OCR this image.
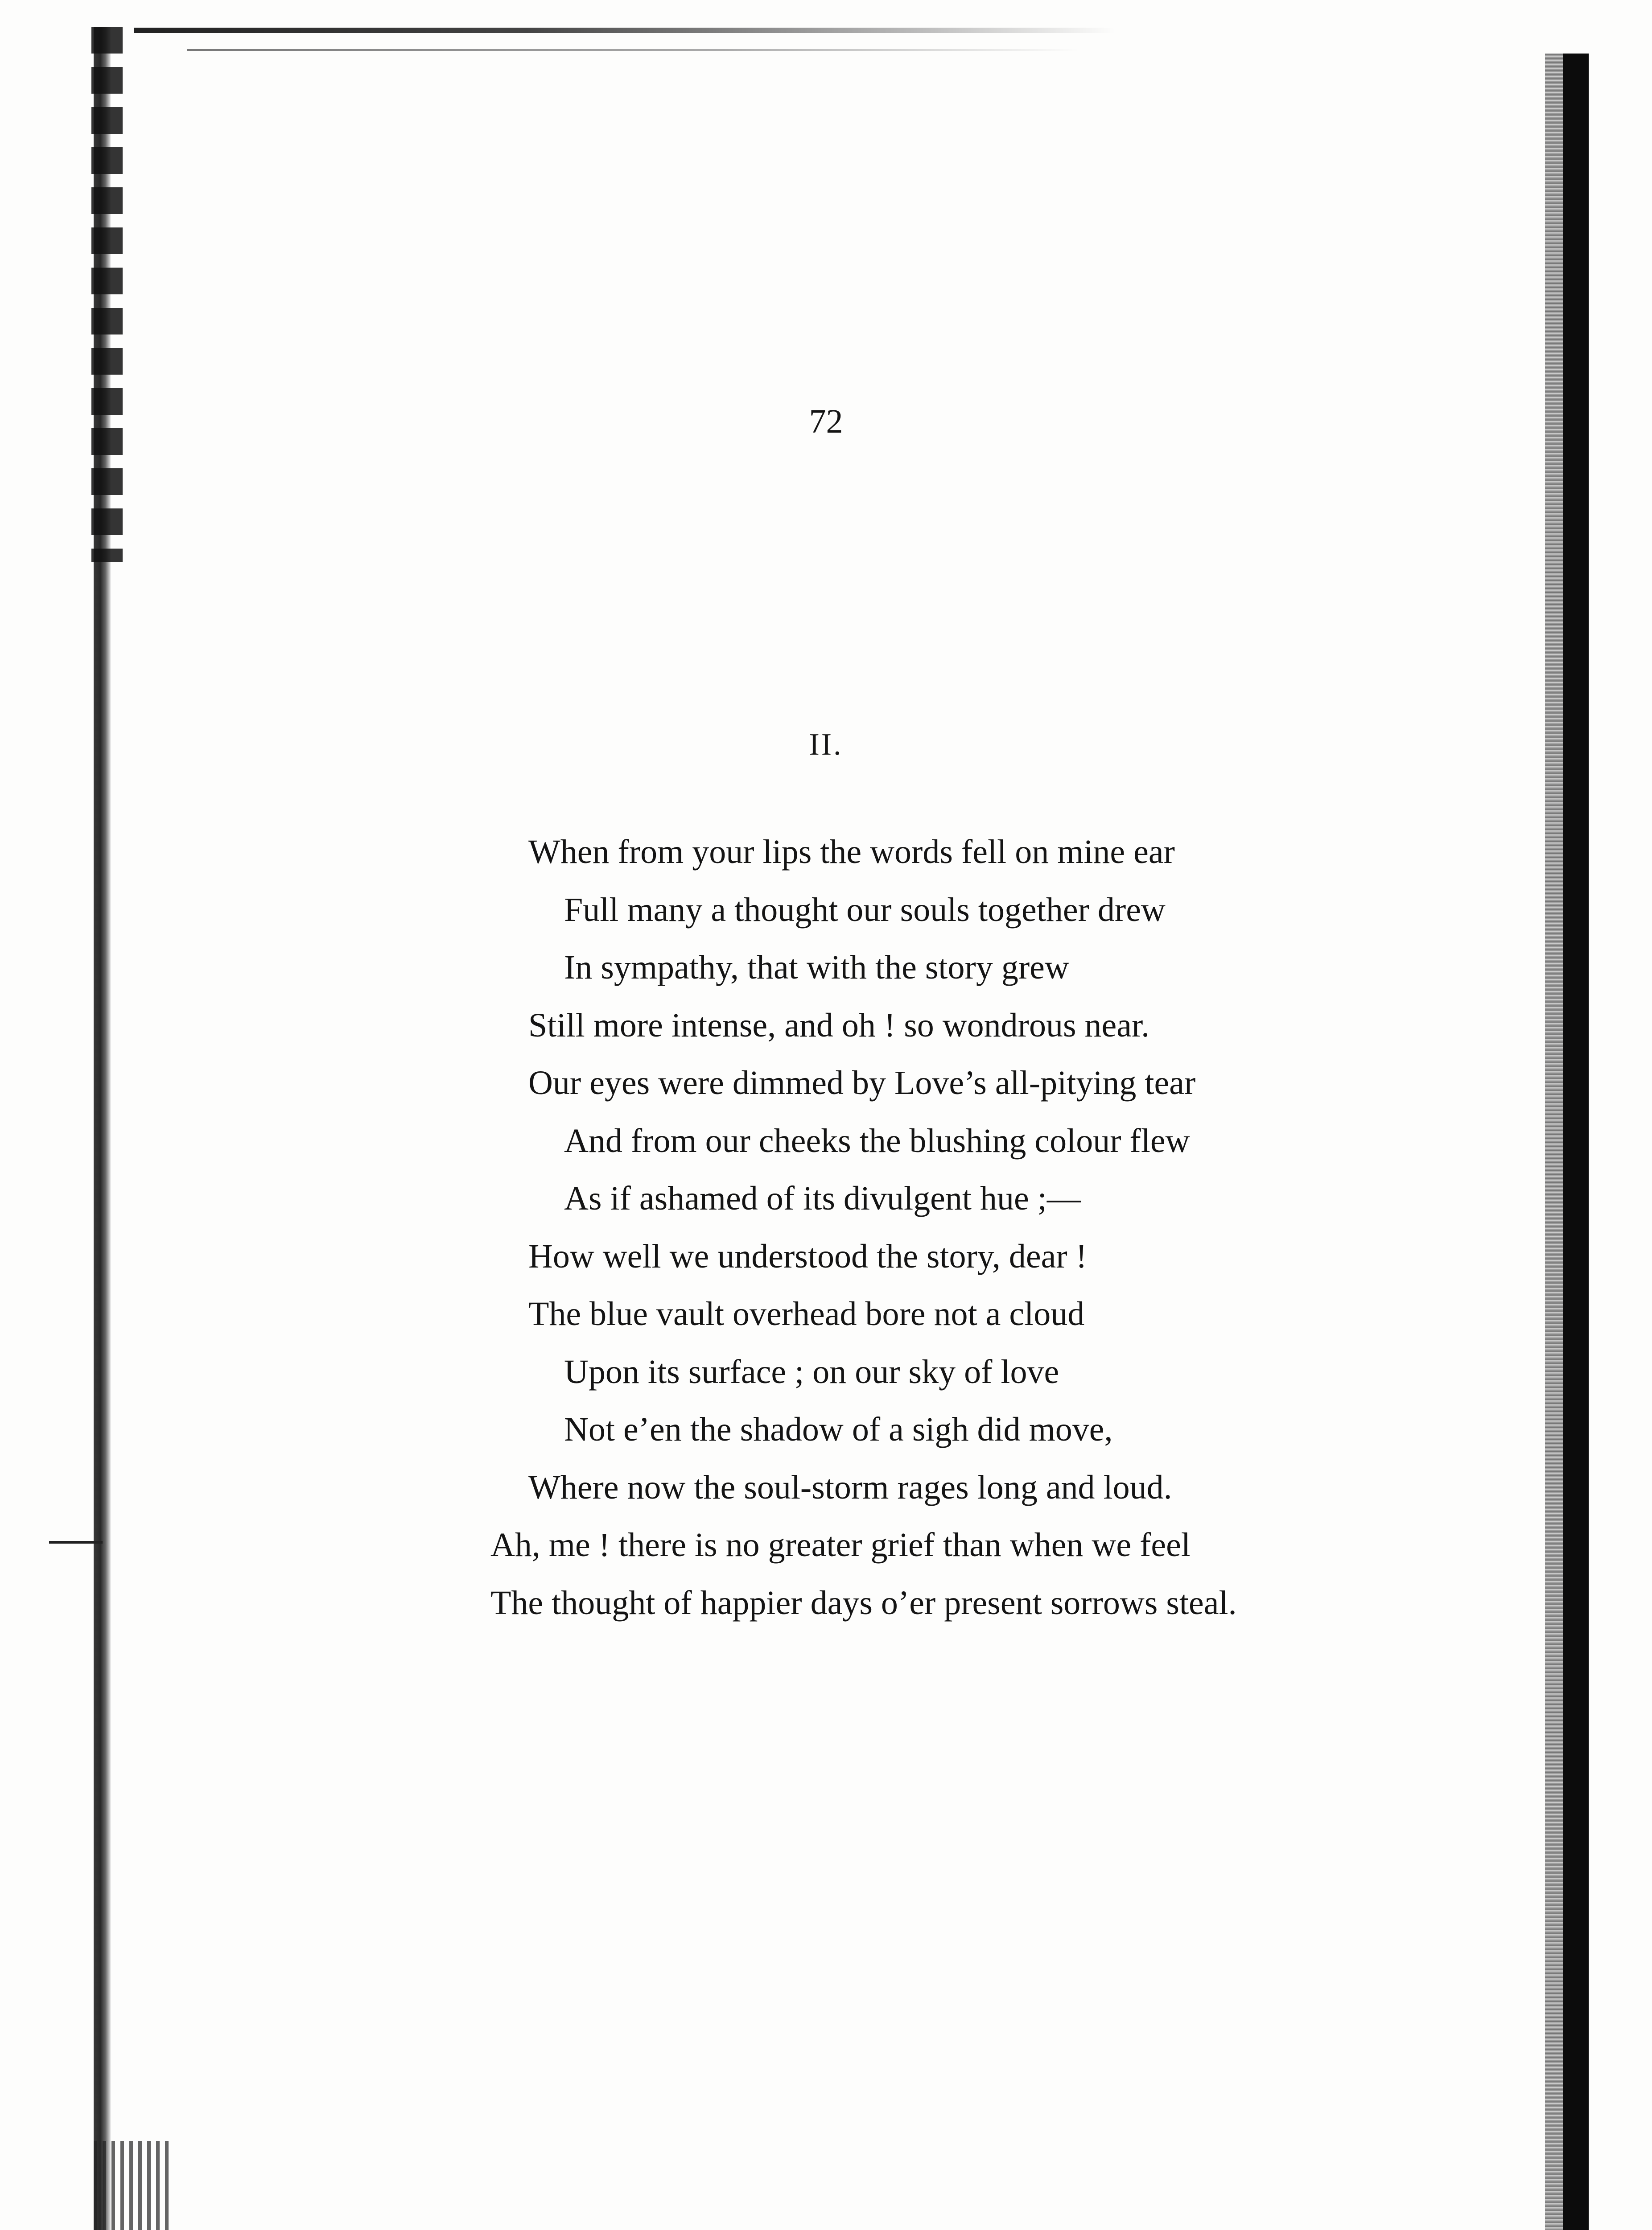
72
II.
When from your lips the words fell on mine ear
Full many a thought our souls together drew
In sympathy, that with the story grew
Still more intense, and oh ! so wondrous near.
Our eyes were dimmed by Love’s all-pitying tear
And from our cheeks the blushing colour flew
As if ashamed of its divulgent hue ;—
How well we understood the story, dear !
The blue vault overhead bore not a cloud
Upon its surface ; on our sky of love
Not e’en the shadow of a sigh did move,
Where now the soul-storm rages long and loud.
Ah, me ! there is no greater grief than when we feel
The thought of happier days o’er present sorrows steal.
